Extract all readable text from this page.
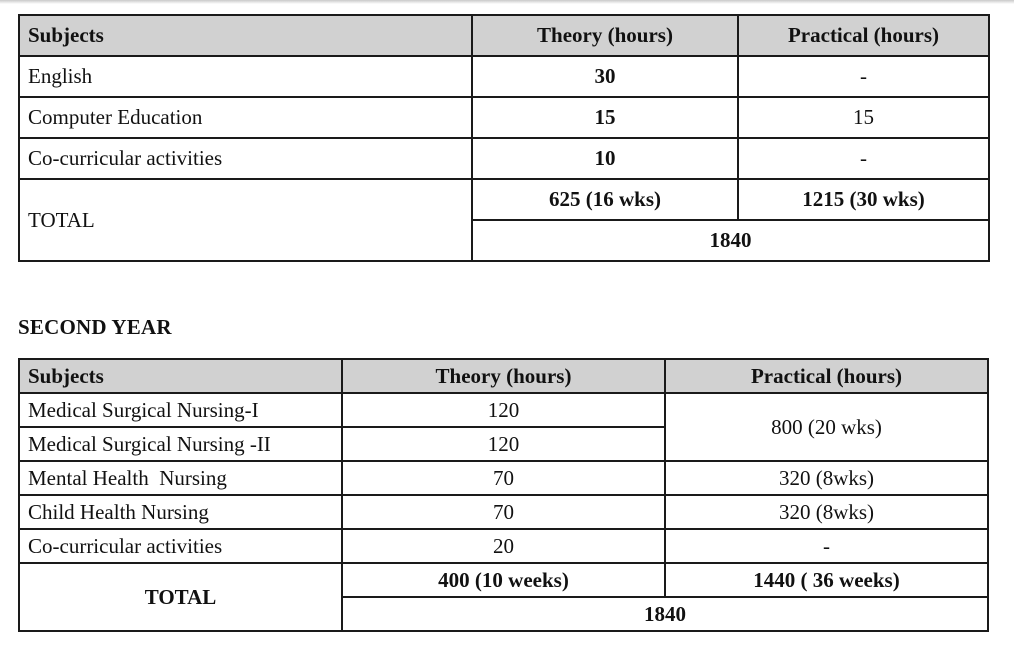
Subjects	Theory (hours)	Practical (hours)
English	30	-
Computer Education	15	15
Co-curricular activities	10	-
TOTAL	625 (16 wks)	1215 (30 wks)
	1840	
SECOND YEAR
Subjects	Theory (hours)	Practical (hours)
Medical Surgical Nursing-I	120	800 (20 wks)
Medical Surgical Nursing -II	120	
Mental Health  Nursing	70	320 (8wks)
Child Health Nursing	70	320 (8wks)
Co-curricular activities	20	-
TOTAL	400 (10 weeks)	1440 ( 36 weeks)
	1840	
